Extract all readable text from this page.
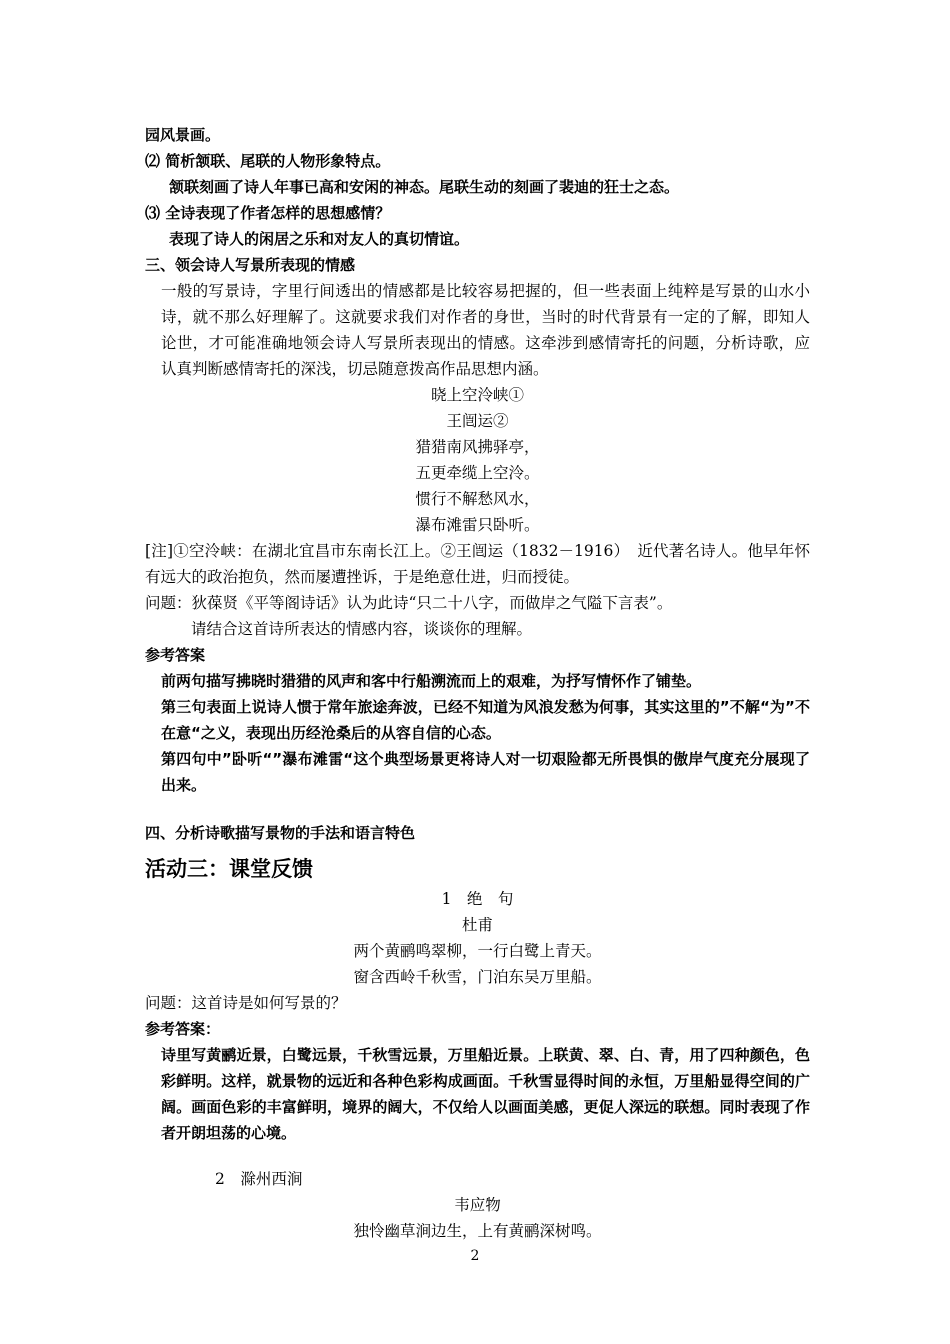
园风景画。

⑵ 简析颔联、尾联的人物形象特点。

颔联刻画了诗人年事已高和安闲的神态。尾联生动的刻画了裴迪的狂士之态。

⑶ 全诗表现了作者怎样的思想感情？

表现了诗人的闲居之乐和对友人的真切情谊。

三、领会诗人写景所表现的情感

一般的写景诗，字里行间透出的情感都是比较容易把握的，但一些表面上纯粹是写景的山水小诗，就不那么好理解了。这就要求我们对作者的身世，当时的时代背景有一定的了解，即知人论世，才可能准确地领会诗人写景所表现出的情感。这牵涉到感情寄托的问题，分析诗歌，应认真判断感情寄托的深浅，切忌随意拨高作品思想内涵。

晓上空泠峡①

王闿运②

猎猎南风拂驿亭，

五更牵缆上空泠。

惯行不解愁风水，

瀑布滩雷只卧听。

[注]①空泠峡：在湖北宜昌市东南长江上。②王闿运（1832－1916）　近代著名诗人。他早年怀有远大的政治抱负，然而屡遭挫诉，于是绝意仕进，归而授徒。

问题：狄葆贤《平等阁诗话》认为此诗“只二十八字，而做岸之气隘下言表”。

请结合这首诗所表达的情感内容，谈谈你的理解。

参考答案

前两句描写拂晓时猎猎的风声和客中行船溯流而上的艰难，为抒写情怀作了铺垫。

第三句表面上说诗人惯于常年旅途奔波，已经不知道为风浪发愁为何事，其实这里的”不解“为”不在意“之义，表现出历经沧桑后的从容自信的心态。

第四句中”卧听“”瀑布滩雷“这个典型场景更将诗人对一切艰险都无所畏惧的傲岸气度充分展现了出来。

四、分析诗歌描写景物的手法和语言特色

活动三：课堂反馈

1　绝　句

杜甫

两个黄鹂鸣翠柳，一行白鹭上青天。

窗含西岭千秋雪，门泊东吴万里船。

问题：这首诗是如何写景的？

参考答案：

诗里写黄鹂近景，白鹭远景，千秋雪远景，万里船近景。上联黄、翠、白、青，用了四种颜色，色彩鲜明。这样，就景物的远近和各种色彩构成画面。千秋雪显得时间的永恒，万里船显得空间的广阔。画面色彩的丰富鲜明，境界的阔大，不仅给人以画面美感，更促人深远的联想。同时表现了作者开朗坦荡的心境。

2　滁州西涧

韦应物

独怜幽草涧边生，上有黄鹂深树鸣。

2
